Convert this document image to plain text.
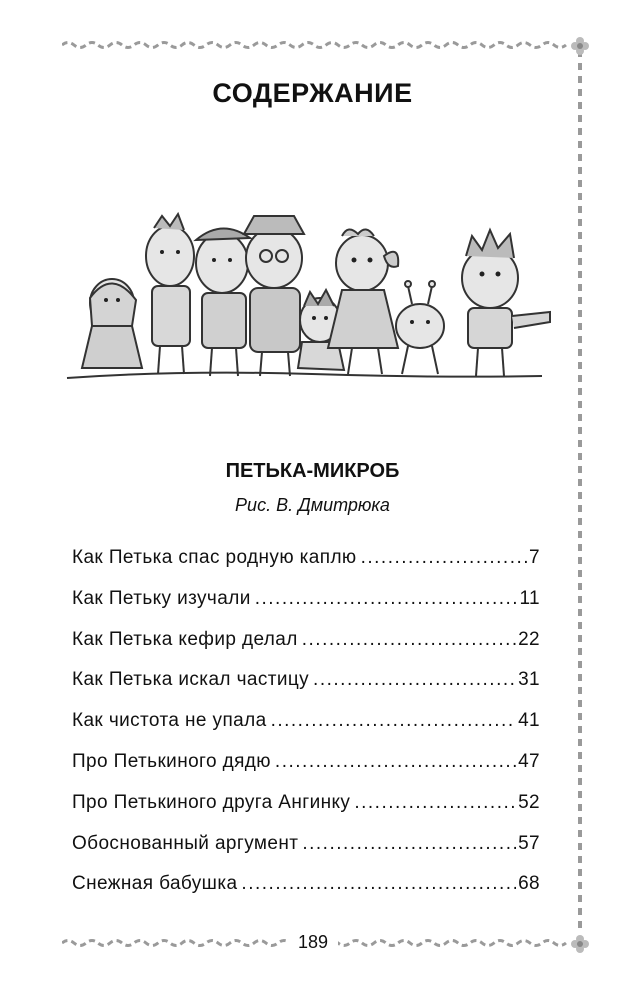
СОДЕРЖАНИЕ
ПЕТЬКА-МИКРОБ
Рис. В. Дмитрюка
Как Петька спас родную каплю .....	7
Как Петьку изучали .....	11
Как Петька кефир делал .....	22
Как Петька искал частицу .....	31
Как чистота не упала .....	41
Про Петькиного дядю .....	47
Про Петькиного друга Ангинку .....	52
Обоснованный аргумент .....	57
Снежная бабушка .....	68
189
